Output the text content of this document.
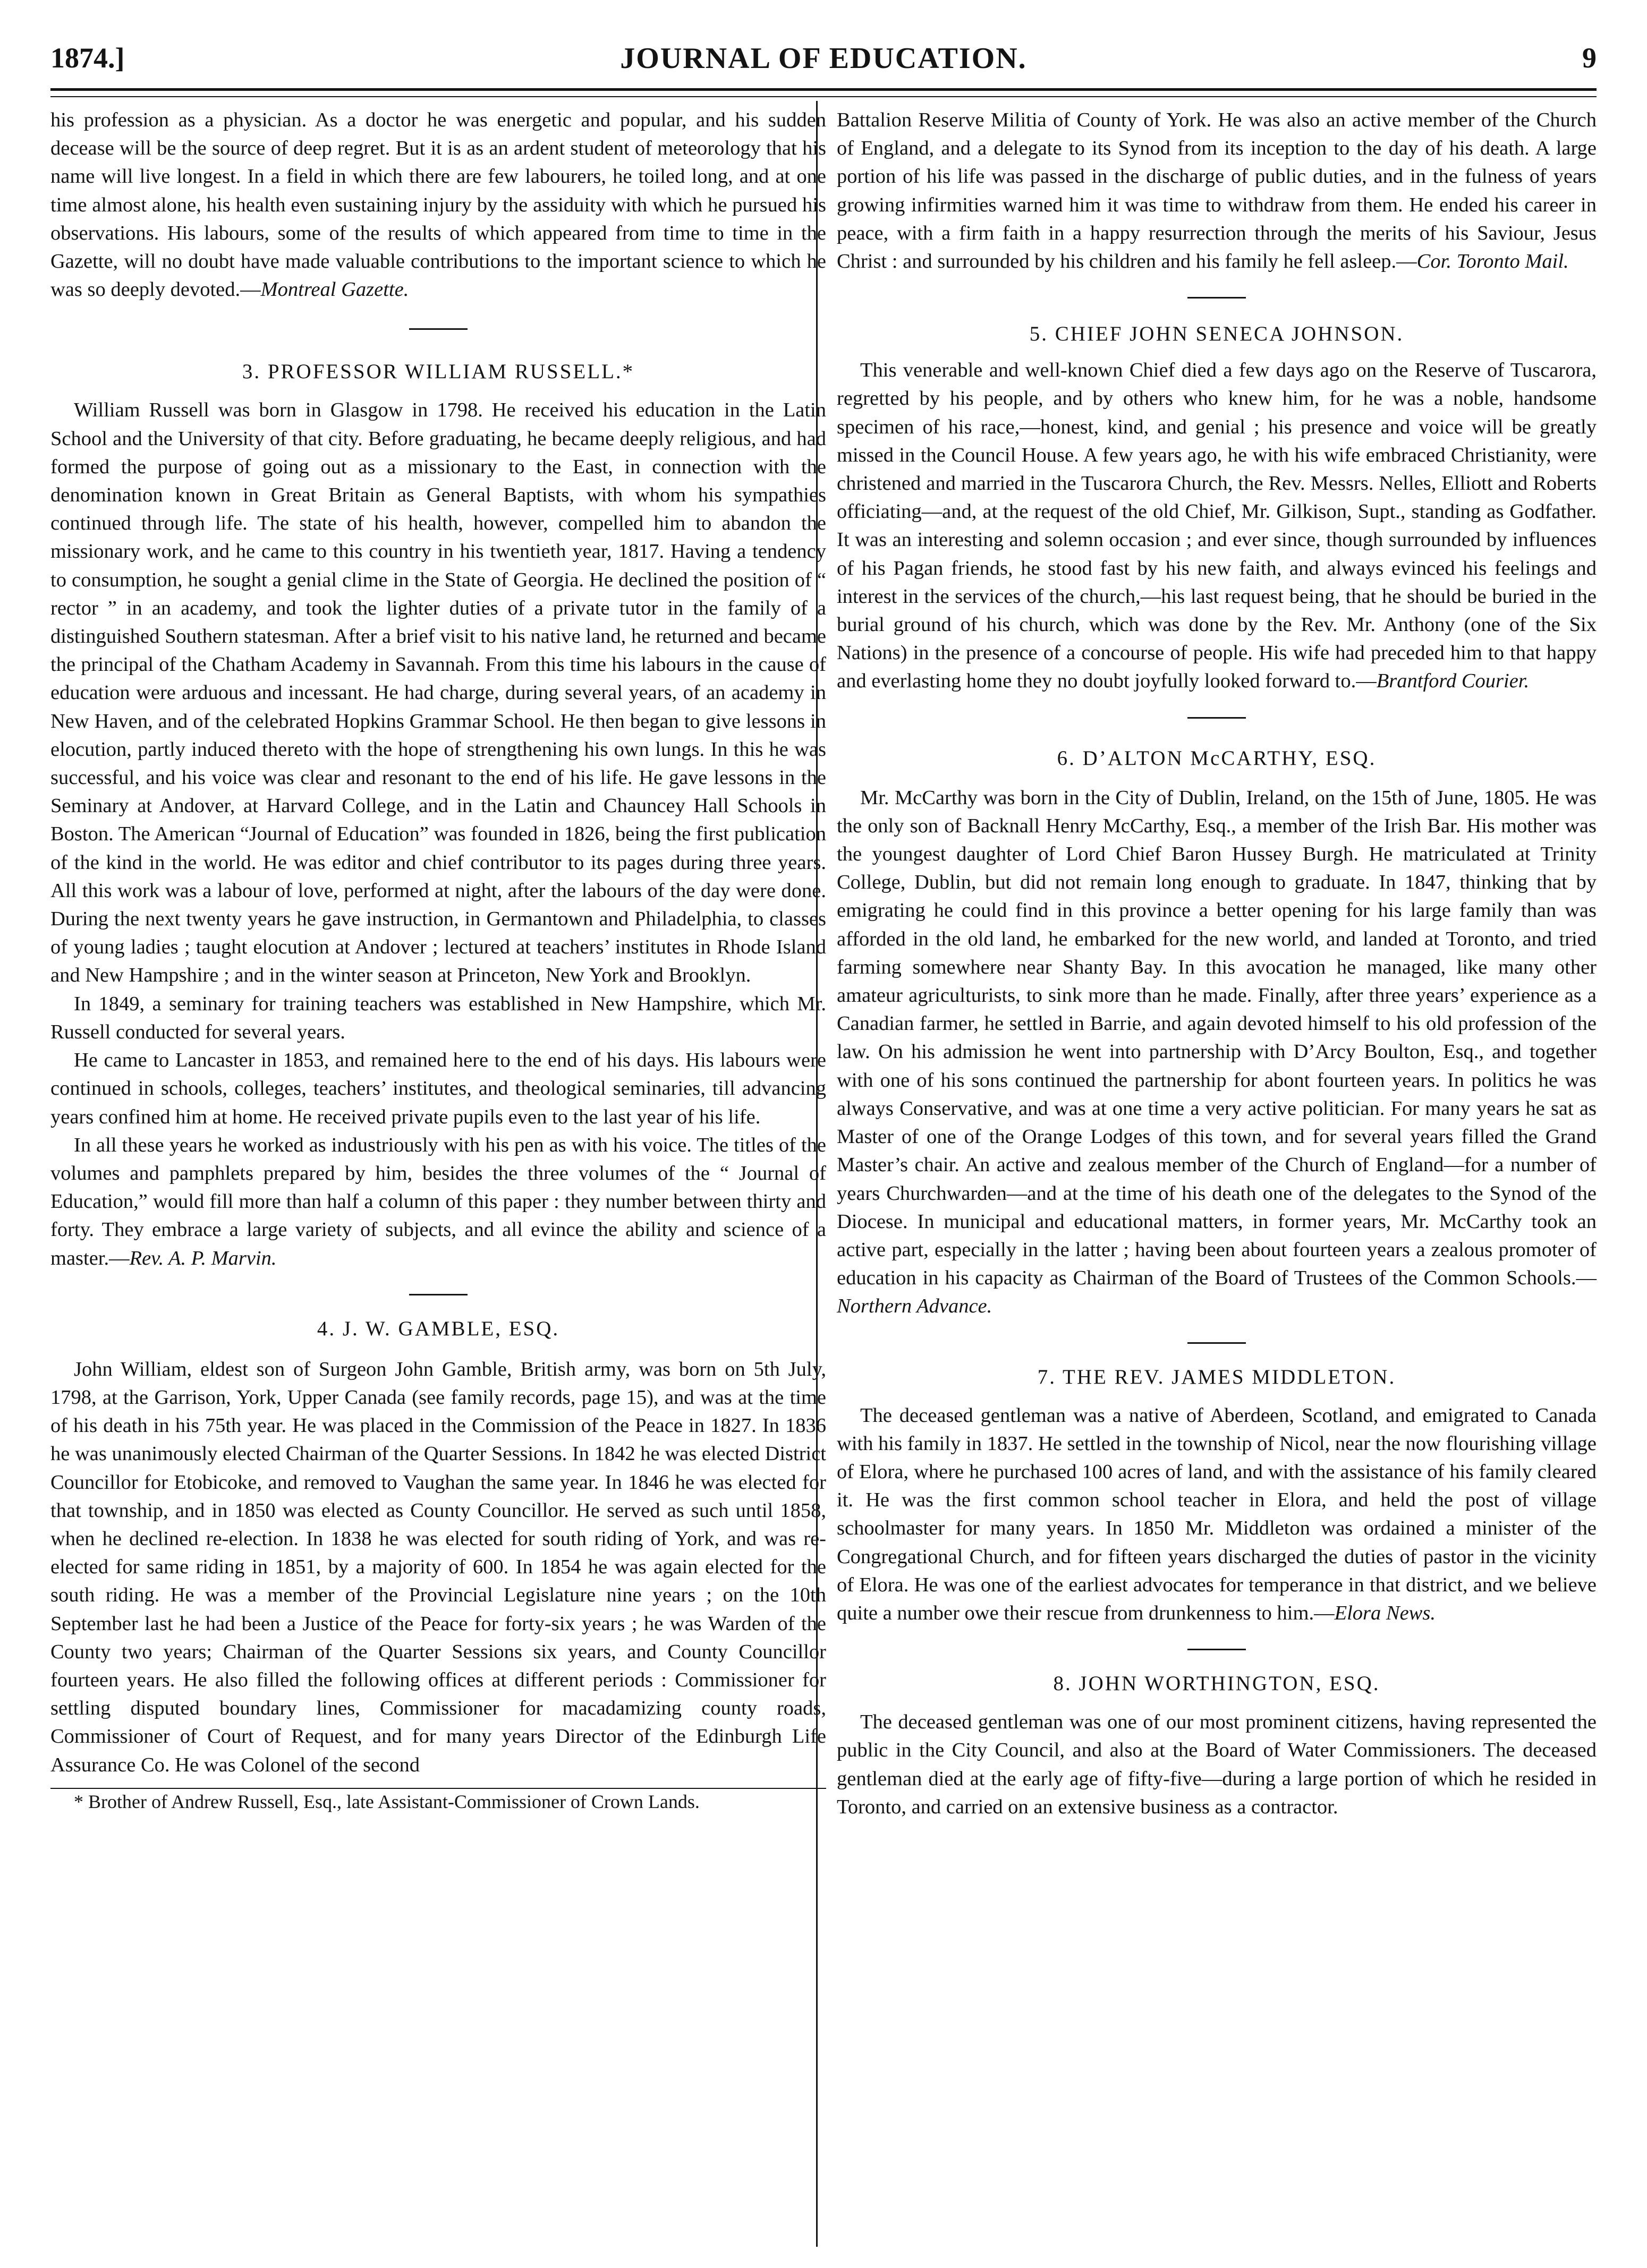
1874.]	JOURNAL OF EDUCATION.	9

his profession as a physician. As a doctor he was energetic and popular, and his sudden decease will be the source of deep regret. But it is as an ardent student of meteorology that his name will live longest. In a field in which there are few labourers, he toiled long, and at one time almost alone, his health even sustaining injury by the assiduity with which he pursued his observations. His labours, some of the results of which appeared from time to time in the Gazette, will no doubt have made valuable contributions to the important science to which he was so deeply devoted.—Montreal Gazette.

3. PROFESSOR WILLIAM RUSSELL.*

William Russell was born in Glasgow in 1798. He received his education in the Latin School and the University of that city. Before graduating, he became deeply religious, and had formed the purpose of going out as a missionary to the East, in connection with the denomination known in Great Britain as General Baptists, with whom his sympathies continued through life. The state of his health, however, compelled him to abandon the missionary work, and he came to this country in his twentieth year, 1817. Having a tendency to consumption, he sought a genial clime in the State of Georgia. He declined the position of “ rector ” in an academy, and took the lighter duties of a private tutor in the family of a distinguished Southern statesman. After a brief visit to his native land, he returned and became the principal of the Chatham Academy in Savannah. From this time his labours in the cause of education were arduous and incessant. He had charge, during several years, of an academy in New Haven, and of the celebrated Hopkins Grammar School. He then began to give lessons in elocution, partly induced thereto with the hope of strengthening his own lungs. In this he was successful, and his voice was clear and resonant to the end of his life. He gave lessons in the Seminary at Andover, at Harvard College, and in the Latin and Chauncey Hall Schools in Boston. The American “Journal of Education” was founded in 1826, being the first publication of the kind in the world. He was editor and chief contributor to its pages during three years. All this work was a labour of love, performed at night, after the labours of the day were done. During the next twenty years he gave instruction, in Germantown and Philadelphia, to classes of young ladies ; taught elocution at Andover ; lectured at teachers’ institutes in Rhode Island and New Hampshire ; and in the winter season at Princeton, New York and Brooklyn.

In 1849, a seminary for training teachers was established in New Hampshire, which Mr. Russell conducted for several years.

He came to Lancaster in 1853, and remained here to the end of his days. His labours were continued in schools, colleges, teachers’ institutes, and theological seminaries, till advancing years confined him at home. He received private pupils even to the last year of his life.

In all these years he worked as industriously with his pen as with his voice. The titles of the volumes and pamphlets prepared by him, besides the three volumes of the “ Journal of Education,” would fill more than half a column of this paper : they number between thirty and forty. They embrace a large variety of subjects, and all evince the ability and science of a master.—Rev. A. P. Marvin.

4. J. W. GAMBLE, ESQ.

John William, eldest son of Surgeon John Gamble, British army, was born on 5th July, 1798, at the Garrison, York, Upper Canada (see family records, page 15), and was at the time of his death in his 75th year. He was placed in the Commission of the Peace in 1827. In 1836 he was unanimously elected Chairman of the Quarter Sessions. In 1842 he was elected District Councillor for Etobicoke, and removed to Vaughan the same year. In 1846 he was elected for that township, and in 1850 was elected as County Councillor. He served as such until 1858, when he declined re-election. In 1838 he was elected for south riding of York, and was re-elected for same riding in 1851, by a majority of 600. In 1854 he was again elected for the south riding. He was a member of the Provincial Legislature nine years ; on the 10th September last he had been a Justice of the Peace for forty-six years ; he was Warden of the County two years; Chairman of the Quarter Sessions six years, and County Councillor fourteen years. He also filled the following offices at different periods : Commissioner for settling disputed boundary lines, Commissioner for macadamizing county roads, Commissioner of Court of Request, and for many years Director of the Edinburgh Life Assurance Co. He was Colonel of the second

* Brother of Andrew Russell, Esq., late Assistant-Commissioner of Crown Lands.

Battalion Reserve Militia of County of York. He was also an active member of the Church of England, and a delegate to its Synod from its inception to the day of his death. A large portion of his life was passed in the discharge of public duties, and in the fulness of years growing infirmities warned him it was time to withdraw from them. He ended his career in peace, with a firm faith in a happy resurrection through the merits of his Saviour, Jesus Christ : and surrounded by his children and his family he fell asleep.—Cor. Toronto Mail.

5. CHIEF JOHN SENECA JOHNSON.

This venerable and well-known Chief died a few days ago on the Reserve of Tuscarora, regretted by his people, and by others who knew him, for he was a noble, handsome specimen of his race,—honest, kind, and genial ; his presence and voice will be greatly missed in the Council House. A few years ago, he with his wife embraced Christianity, were christened and married in the Tuscarora Church, the Rev. Messrs. Nelles, Elliott and Roberts officiating—and, at the request of the old Chief, Mr. Gilkison, Supt., standing as Godfather. It was an interesting and solemn occasion ; and ever since, though surrounded by influences of his Pagan friends, he stood fast by his new faith, and always evinced his feelings and interest in the services of the church,—his last request being, that he should be buried in the burial ground of his church, which was done by the Rev. Mr. Anthony (one of the Six Nations) in the presence of a concourse of people. His wife had preceded him to that happy and everlasting home they no doubt joyfully looked forward to.—Brantford Courier.

6. D’ALTON McCARTHY, ESQ.

Mr. McCarthy was born in the City of Dublin, Ireland, on the 15th of June, 1805. He was the only son of Backnall Henry McCarthy, Esq., a member of the Irish Bar. His mother was the youngest daughter of Lord Chief Baron Hussey Burgh. He matriculated at Trinity College, Dublin, but did not remain long enough to graduate. In 1847, thinking that by emigrating he could find in this province a better opening for his large family than was afforded in the old land, he embarked for the new world, and landed at Toronto, and tried farming somewhere near Shanty Bay. In this avocation he managed, like many other amateur agriculturists, to sink more than he made. Finally, after three years’ experience as a Canadian farmer, he settled in Barrie, and again devoted himself to his old profession of the law. On his admission he went into partnership with D’Arcy Boulton, Esq., and together with one of his sons continued the partnership for abont fourteen years. In politics he was always Conservative, and was at one time a very active politician. For many years he sat as Master of one of the Orange Lodges of this town, and for several years filled the Grand Master’s chair. An active and zealous member of the Church of England—for a number of years Churchwarden—and at the time of his death one of the delegates to the Synod of the Diocese. In municipal and educational matters, in former years, Mr. McCarthy took an active part, especially in the latter ; having been about fourteen years a zealous promoter of education in his capacity as Chairman of the Board of Trustees of the Common Schools.—Northern Advance.

7. THE REV. JAMES MIDDLETON.

The deceased gentleman was a native of Aberdeen, Scotland, and emigrated to Canada with his family in 1837. He settled in the township of Nicol, near the now flourishing village of Elora, where he purchased 100 acres of land, and with the assistance of his family cleared it. He was the first common school teacher in Elora, and held the post of village schoolmaster for many years. In 1850 Mr. Middleton was ordained a minister of the Congregational Church, and for fifteen years discharged the duties of pastor in the vicinity of Elora. He was one of the earliest advocates for temperance in that district, and we believe quite a number owe their rescue from drunkenness to him.—Elora News.

8. JOHN WORTHINGTON, ESQ.

The deceased gentleman was one of our most prominent citizens, having represented the public in the City Council, and also at the Board of Water Commissioners. The deceased gentleman died at the early age of fifty-five—during a large portion of which he resided in Toronto, and carried on an extensive business as a contractor.
